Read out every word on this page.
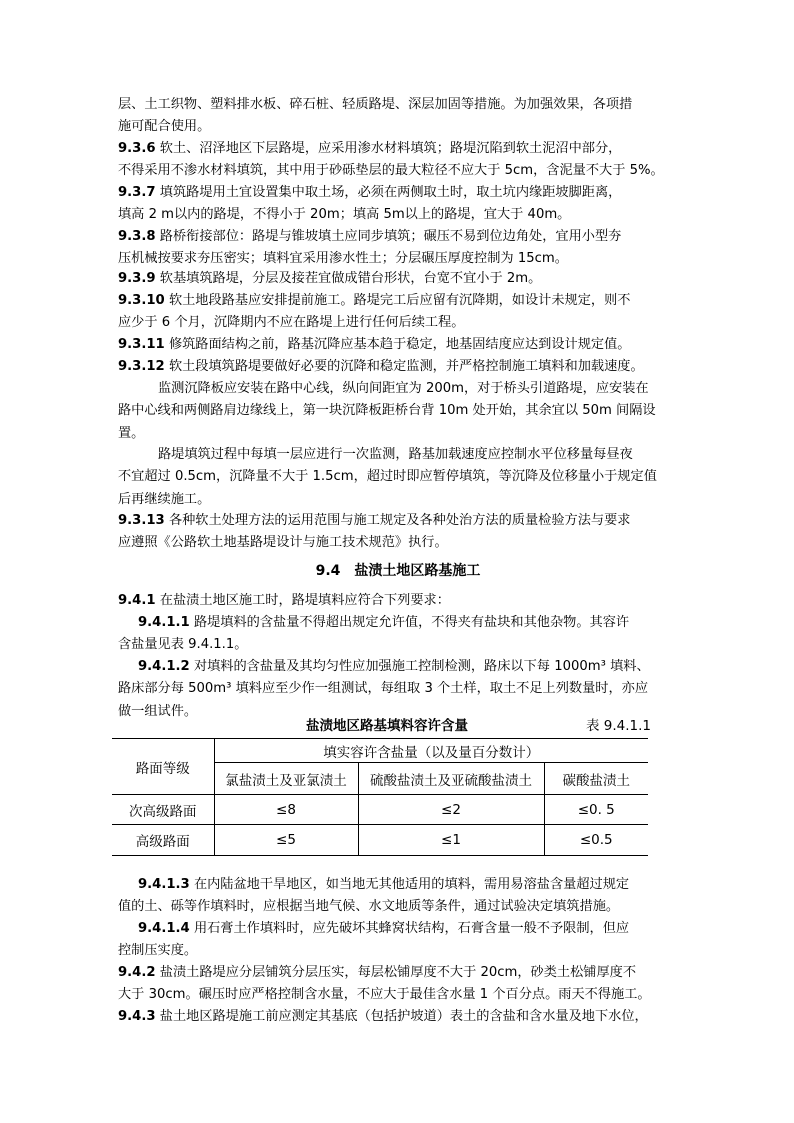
层、土工织物、塑料排水板、碎石桩、轻质路堤、深层加固等措施。为加强效果，各项措
施可配合使用。

9.3.6 软土、沼泽地区下层路堤，应采用渗水材料填筑；路堤沉陷到软土泥沼中部分，
不得采用不渗水材料填筑，其中用于砂砾垫层的最大粒径不应大于 5cm，含泥量不大于 5%。

9.3.7 填筑路堤用土宜设置集中取土场，必须在两侧取土时，取土坑内缘距坡脚距离，
填高 2 m以内的路堤，不得小于 20m；填高 5m以上的路堤，宜大于 40m。

9.3.8 路桥衔接部位：路堤与锥坡填土应同步填筑；碾压不易到位边角处，宜用小型夯
压机械按要求夯压密实；填料宜采用渗水性土；分层碾压厚度控制为 15cm。

9.3.9 软基填筑路堤，分层及接茬宜做成错台形状，台宽不宜小于 2m。

9.3.10 软土地段路基应安排提前施工。路堤完工后应留有沉降期，如设计未规定，则不
应少于 6 个月，沉降期内不应在路堤上进行任何后续工程。

9.3.11 修筑路面结构之前，路基沉降应基本趋于稳定，地基固结度应达到设计规定值。

9.3.12 软土段填筑路堤要做好必要的沉降和稳定监测，并严格控制施工填料和加载速度。

监测沉降板应安装在路中心线，纵向间距宜为 200m，对于桥头引道路堤，应安装在
路中心线和两侧路肩边缘线上，第一块沉降板距桥台背 10m 处开始，其余宜以 50m 间隔设
置。

路堤填筑过程中每填一层应进行一次监测，路基加载速度应控制水平位移量每昼夜
不宜超过 0.5cm，沉降量不大于 1.5cm，超过时即应暂停填筑，等沉降及位移量小于规定值
后再继续施工。

9.3.13 各种软土处理方法的运用范围与施工规定及各种处治方法的质量检验方法与要求
应遵照《公路软土地基路堤设计与施工技术规范》执行。

9.4　盐渍土地区路基施工

9.4.1 在盐渍土地区施工时，路堤填料应符合下列要求：

9.4.1.1 路堤填料的含盐量不得超出规定允许值，不得夹有盐块和其他杂物。其容许
含盐量见表 9.4.1.1。

9.4.1.2 对填料的含盐量及其均匀性应加强施工控制检测，路床以下每 1000m³ 填料、
路床部分每 500m³ 填料应至少作一组测试，每组取 3 个土样，取土不足上列数量时，亦应
做一组试件。

盐渍地区路基填料容许含量	表 9.4.1.1
路面等级	填实容许含盐量（以及量百分数计）		
	氯盐渍土及亚氯渍土	硫酸盐渍土及亚硫酸盐渍土	碳酸盐渍土
次高级路面	≤8	≤2	≤0. 5
高级路面	≤5	≤1	≤0.5

9.4.1.3 在内陆盆地干旱地区，如当地无其他适用的填料，需用易溶盐含量超过规定
值的土、砾等作填料时，应根据当地气候、水文地质等条件，通过试验决定填筑措施。

9.4.1.4 用石膏土作填料时，应先破坏其蜂窝状结构，石膏含量一般不予限制，但应
控制压实度。

9.4.2 盐渍土路堤应分层铺筑分层压实，每层松铺厚度不大于 20cm，砂类土松铺厚度不
大于 30cm。碾压时应严格控制含水量，不应大于最佳含水量 1 个百分点。雨天不得施工。

9.4.3 盐土地区路堤施工前应测定其基底（包括护坡道）表土的含盐和含水量及地下水位，
